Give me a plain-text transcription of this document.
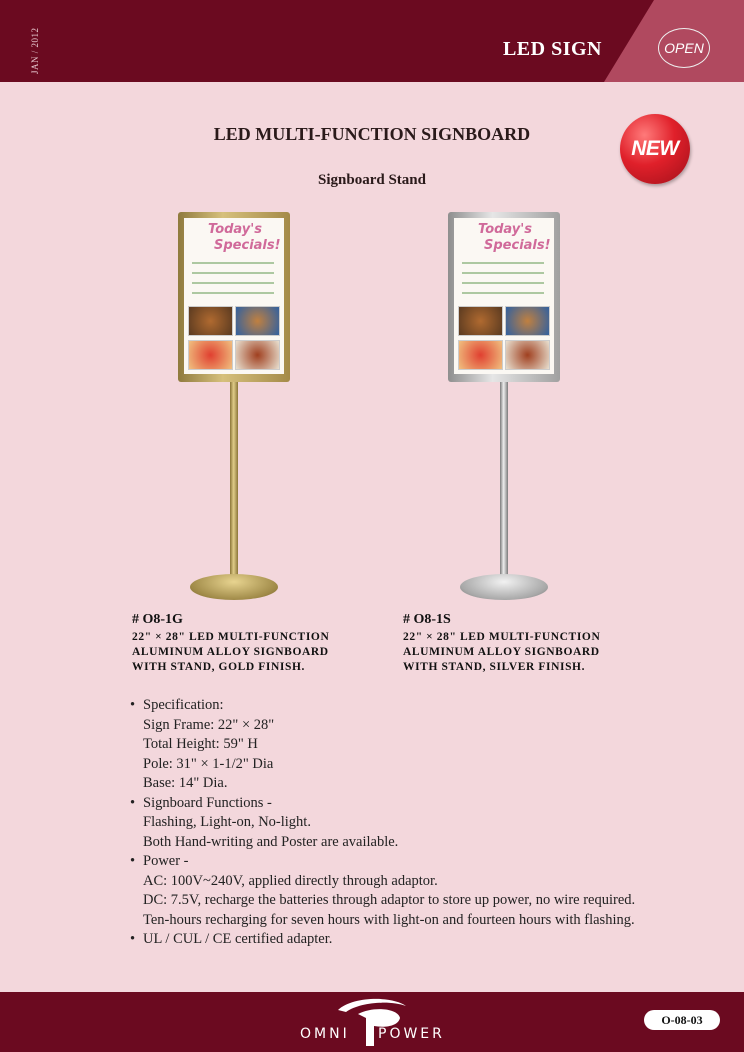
JAN / 2012	LED SIGN	OPEN
LED MULTI-FUNCTION SIGNBOARD
NEW
Signboard Stand
Today's
Specials!
Today's
Specials!
# O8-1G
22" × 28" LED MULTI-FUNCTION
ALUMINUM ALLOY SIGNBOARD
WITH STAND, GOLD FINISH.
# O8-1S
22" × 28" LED MULTI-FUNCTION
ALUMINUM ALLOY SIGNBOARD
WITH STAND, SILVER FINISH.
• Specification:
Sign Frame: 22" × 28"
Total Height: 59" H
Pole: 31" × 1-1/2" Dia
Base: 14" Dia.
• Signboard Functions -
Flashing, Light-on, No-light.
Both Hand-writing and Poster are available.
• Power -
AC: 100V~240V, applied directly through adaptor.
DC: 7.5V, recharge the batteries through adaptor to store up power, no wire required.
Ten-hours recharging for seven hours with light-on and fourteen hours with flashing.
• UL / CUL / CE certified adapter.
OMNI POWER
O-08-03
